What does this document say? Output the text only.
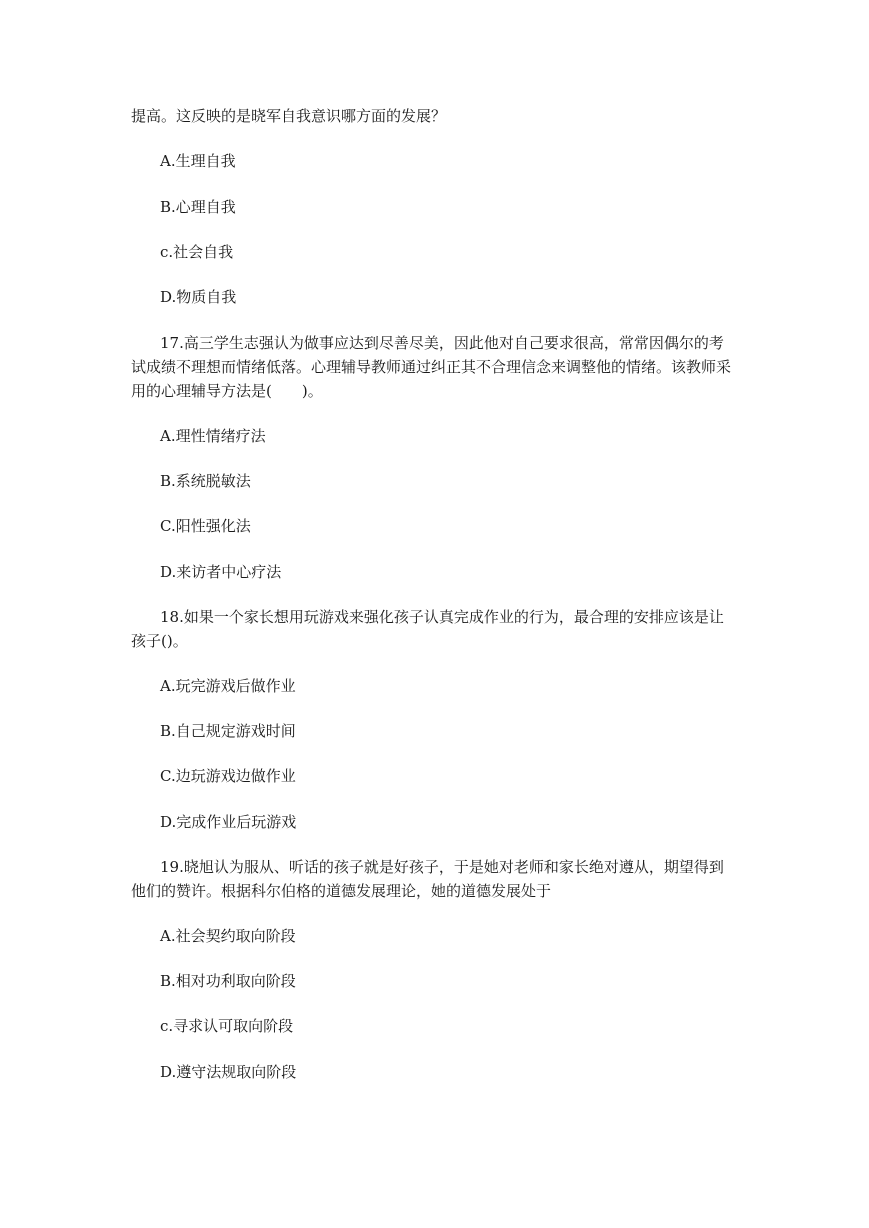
提高。这反映的是晓军自我意识哪方面的发展？
A.生理自我
B.心理自我
c.社会自我
D.物质自我
17.高三学生志强认为做事应达到尽善尽美，因此他对自己要求很高，常常因偶尔的考
试成绩不理想而情绪低落。心理辅导教师通过纠正其不合理信念来调整他的情绪。该教师采
用的心理辅导方法是(　　)。
A.理性情绪疗法
B.系统脱敏法
C.阳性强化法
D.来访者中心疗法
18.如果一个家长想用玩游戏来强化孩子认真完成作业的行为，最合理的安排应该是让
孩子()。
A.玩完游戏后做作业
B.自己规定游戏时间
C.边玩游戏边做作业
D.完成作业后玩游戏
19.晓旭认为服从、听话的孩子就是好孩子，于是她对老师和家长绝对遵从，期望得到
他们的赞许。根据科尔伯格的道德发展理论，她的道德发展处于
A.社会契约取向阶段
B.相对功利取向阶段
c.寻求认可取向阶段
D.遵守法规取向阶段
